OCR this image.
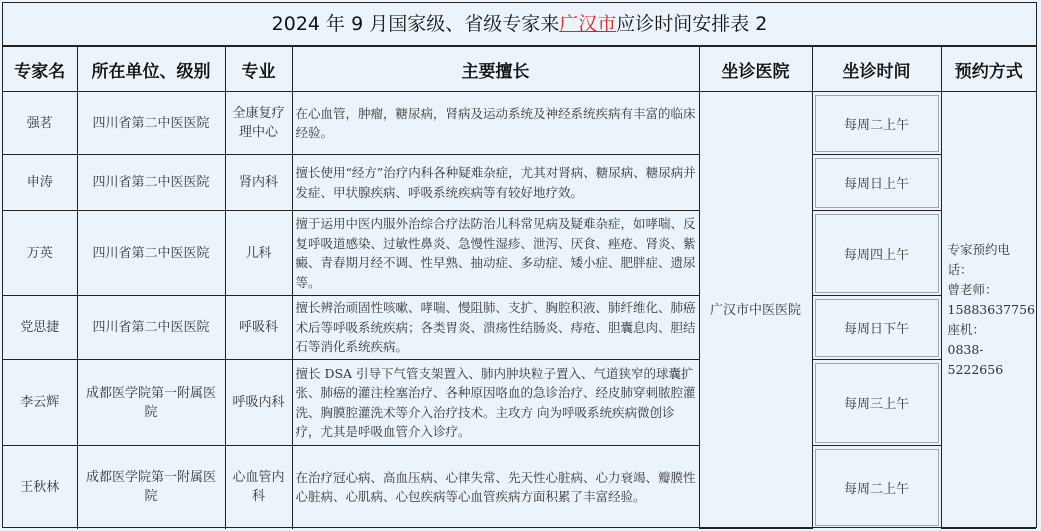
2024 年 9 月国家级、省级专家来广汉市应诊时间安排表 2
专家名	所在单位、级别	专业	主要擅长	坐诊医院	坐诊时间	预约方式
强茗	四川省第二中医医院	全康复疗理中心	在心血管，肿瘤，糖尿病，肾病及运动系统及神经系统疾病有丰富的临床经验。	广汉市中医医院	每周二上午	专家预约电话：
曾老师：
15883637756
座机：
0838-5222656

申涛	四川省第二中医医院	肾内科	擅长使用“经方”治疗内科各种疑难杂症，尤其对肾病、糖尿病、糖尿病并发症、甲状腺疾病、呼吸系统疾病等有较好地疗效。		每周日上午	

万英	四川省第二中医医院	儿科	擅于运用中医内服外治综合疗法防治儿科常见病及疑难杂症，如哮喘、反复呼吸道感染、过敏性鼻炎、急慢性湿疹、泄泻、厌食、痤疮、肾炎、紫癜、青春期月经不调、性早熟、抽动症、多动症、矮小症、肥胖症、遗尿等。		每周四上午	

党思捷	四川省第二中医医院	呼吸科	擅长辨治顽固性咳嗽、哮喘、慢阻肺、支扩、胸腔积液、肺纤维化、肺癌术后等呼吸系统疾病；各类胃炎、溃疡性结肠炎、痔疮、胆囊息肉、胆结石等消化系统疾病。		每周日下午	

李云辉	成都医学院第一附属医院	呼吸内科	擅长 DSA 引导下气管支架置入、肺内肿块粒子置入、气道狭窄的球囊扩张、肺癌的灌注栓塞治疗、各种原因咯血的急诊治疗、经皮肺穿刺脓腔灌洗、胸膜腔灌洗术等介入治疗技术。主攻方 向为呼吸系统疾病微创诊疗，尤其是呼吸血管介入诊疗。		每周三上午	

王秋林	成都医学院第一附属医院	心血管内科	在治疗冠心病、高血压病、心律失常、先天性心脏病、心力衰竭、瓣膜性心脏病、心肌病、心包疾病等心血管疾病方面积累了丰富经验。		每周二上午	
